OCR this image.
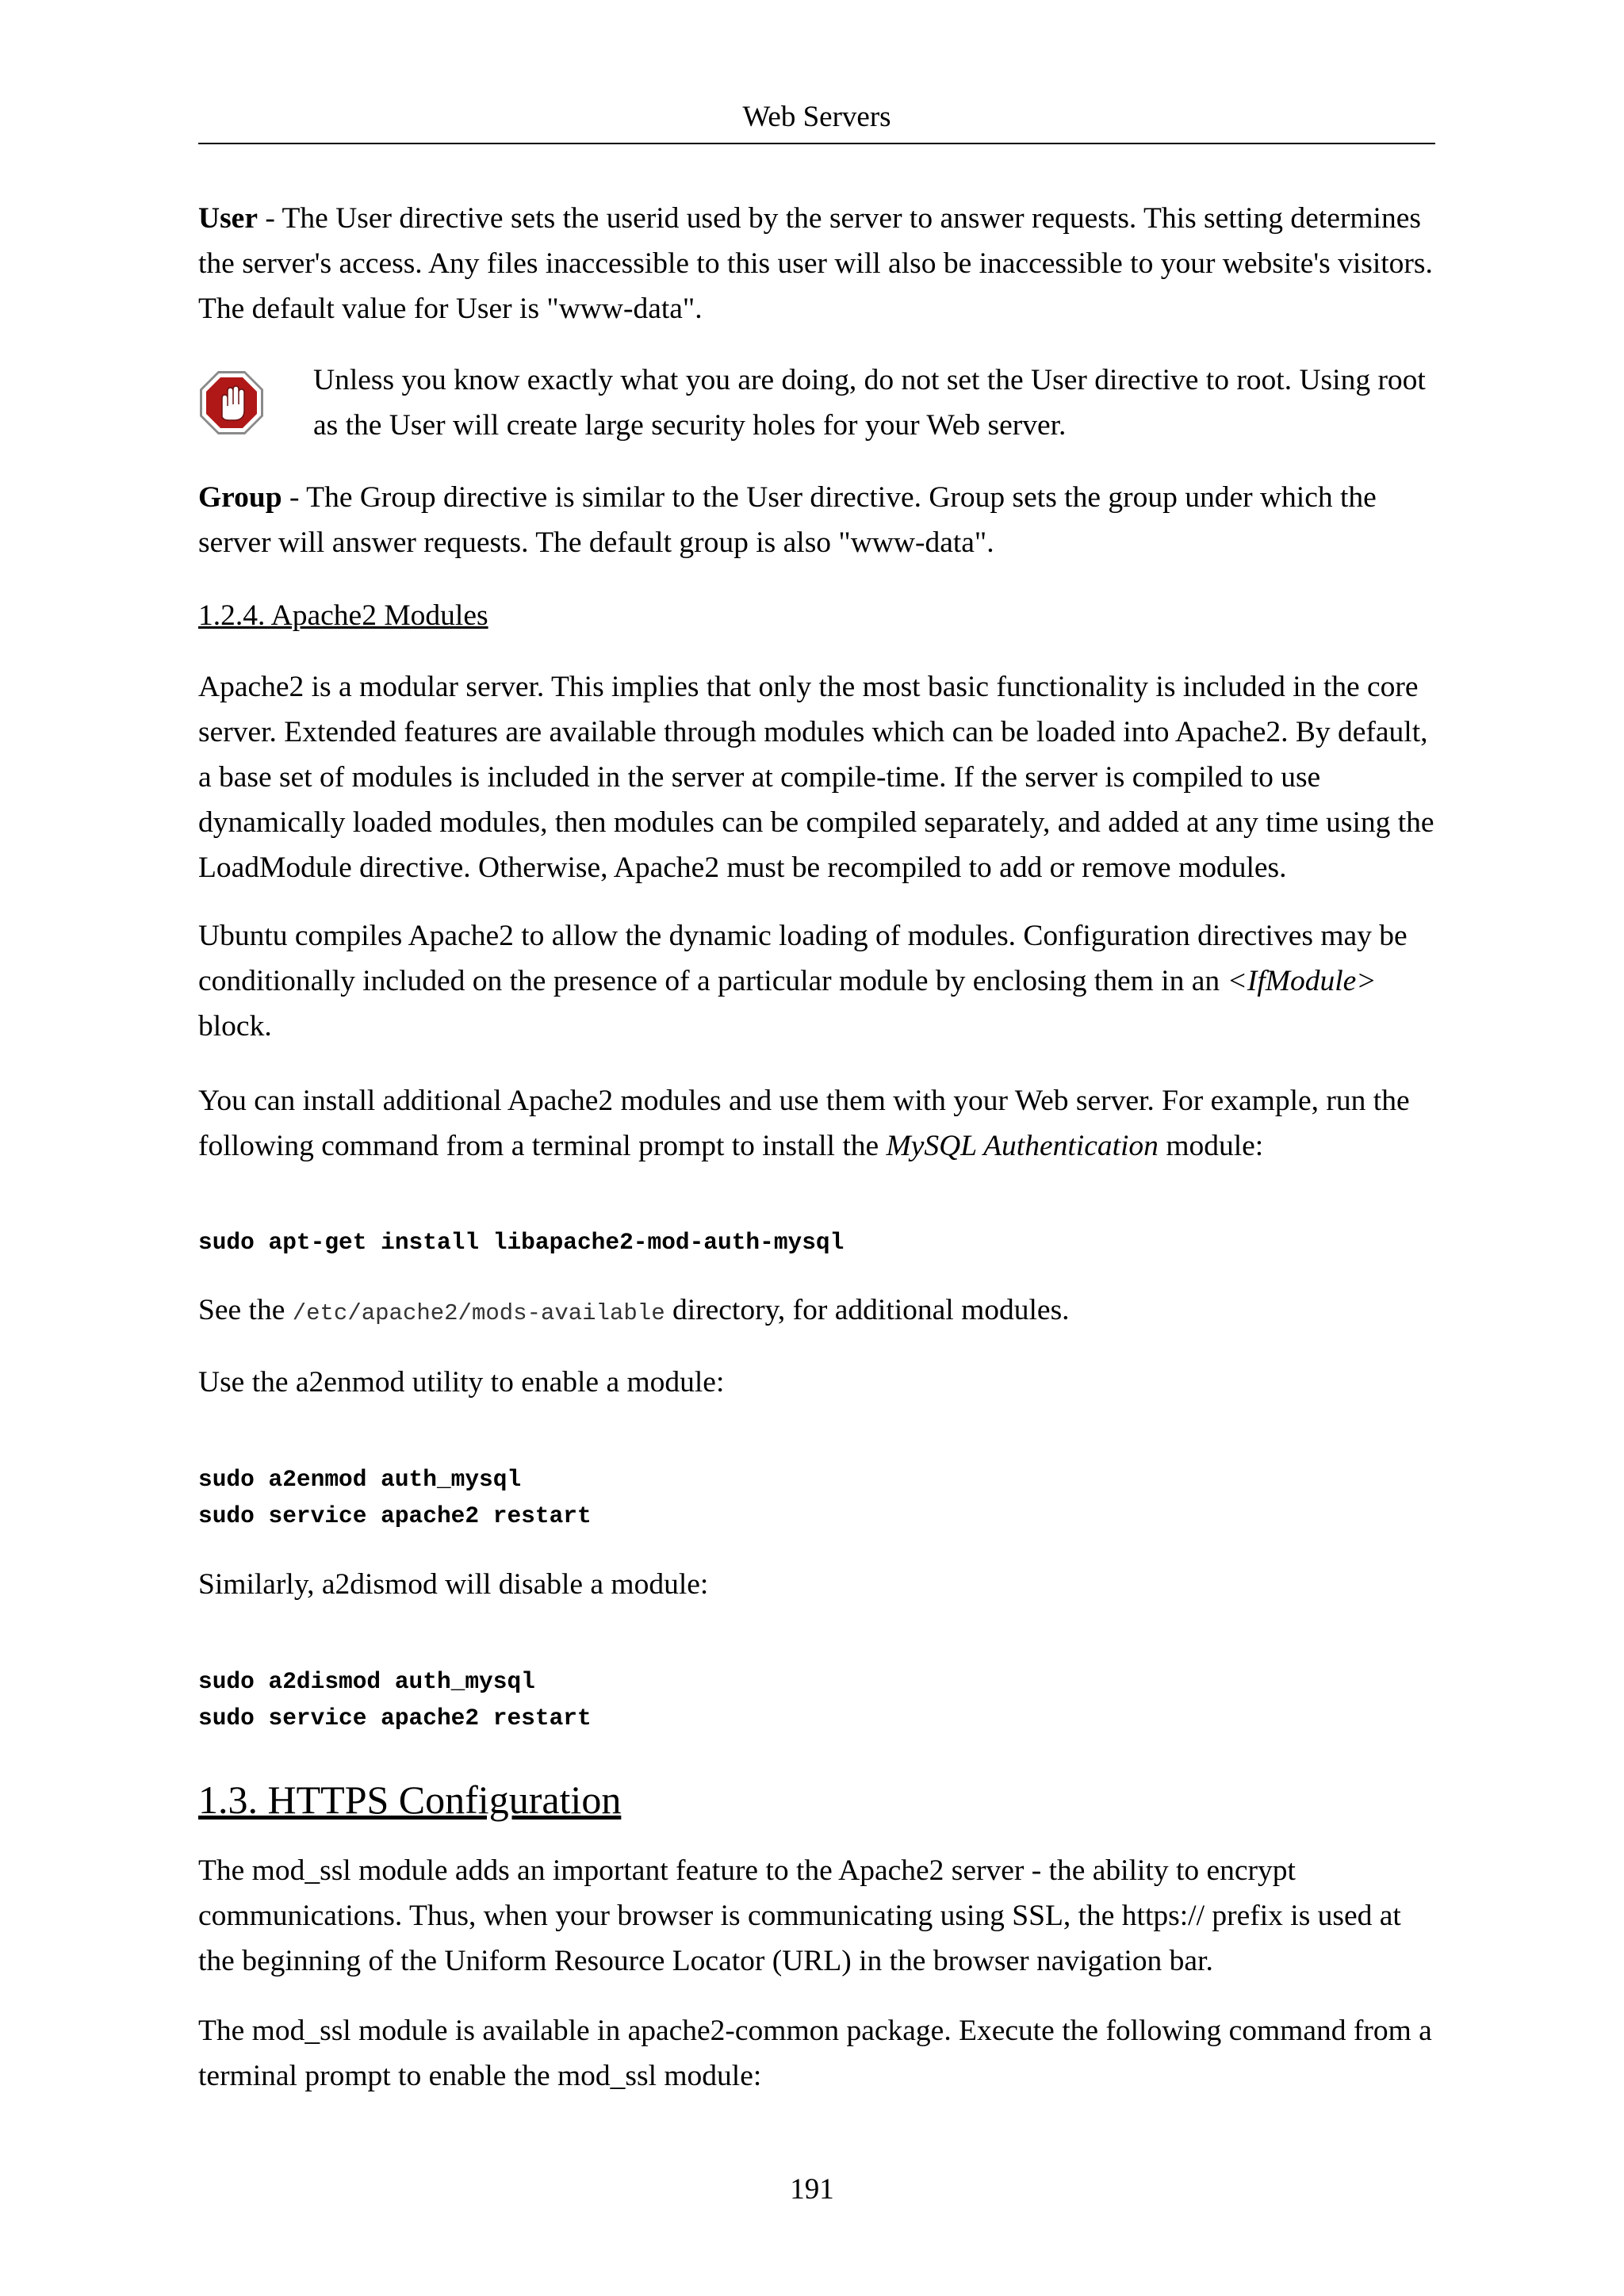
Web Servers

User - The User directive sets the userid used by the server to answer requests. This setting determines the server's access. Any files inaccessible to this user will also be inaccessible to your website's visitors. The default value for User is "www-data".

Unless you know exactly what you are doing, do not set the User directive to root. Using root as the User will create large security holes for your Web server.

Group - The Group directive is similar to the User directive. Group sets the group under which the server will answer requests. The default group is also "www-data".

1.2.4. Apache2 Modules

Apache2 is a modular server. This implies that only the most basic functionality is included in the core server. Extended features are available through modules which can be loaded into Apache2. By default, a base set of modules is included in the server at compile-time. If the server is compiled to use dynamically loaded modules, then modules can be compiled separately, and added at any time using the LoadModule directive. Otherwise, Apache2 must be recompiled to add or remove modules.

Ubuntu compiles Apache2 to allow the dynamic loading of modules. Configuration directives may be conditionally included on the presence of a particular module by enclosing them in an <IfModule> block.

You can install additional Apache2 modules and use them with your Web server. For example, run the following command from a terminal prompt to install the MySQL Authentication module:

sudo apt-get install libapache2-mod-auth-mysql

See the /etc/apache2/mods-available directory, for additional modules.

Use the a2enmod utility to enable a module:

sudo a2enmod auth_mysql
sudo service apache2 restart

Similarly, a2dismod will disable a module:

sudo a2dismod auth_mysql
sudo service apache2 restart
1.3. HTTPS Configuration

The mod_ssl module adds an important feature to the Apache2 server - the ability to encrypt communications. Thus, when your browser is communicating using SSL, the https:// prefix is used at the beginning of the Uniform Resource Locator (URL) in the browser navigation bar.

The mod_ssl module is available in apache2-common package. Execute the following command from a terminal prompt to enable the mod_ssl module:

191
